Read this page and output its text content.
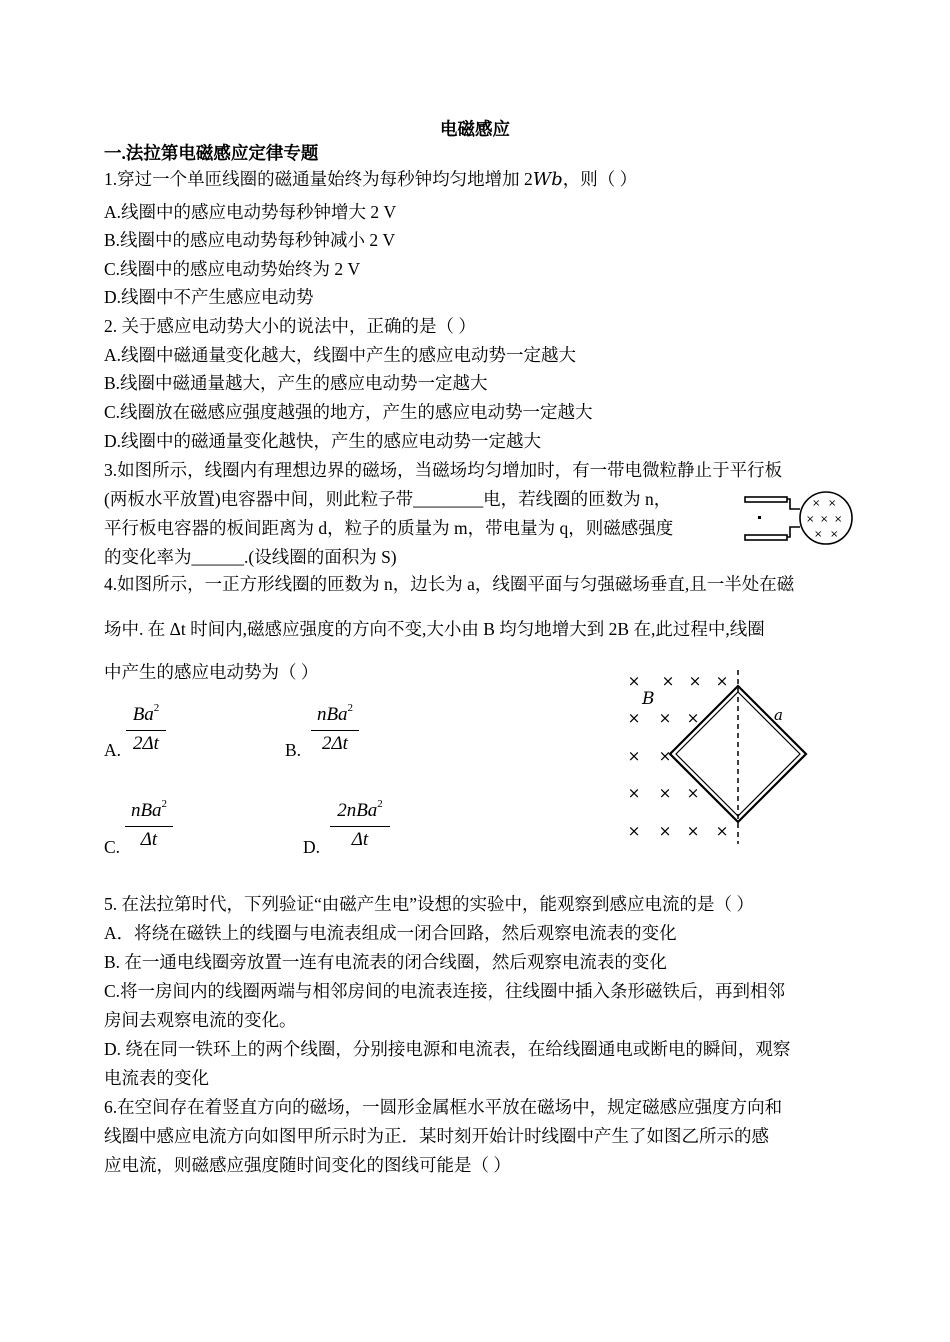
电磁感应
一.法拉第电磁感应定律专题
1.穿过一个单匝线圈的磁通量始终为每秒钟均匀地增加 2Wb，则（ ）
A.线圈中的感应电动势每秒钟增大 2 V
B.线圈中的感应电动势每秒钟减小 2 V
C.线圈中的感应电动势始终为 2 V
D.线圈中不产生感应电动势
2. 关于感应电动势大小的说法中，正确的是（ ）
A.线圈中磁通量变化越大，线圈中产生的感应电动势一定越大
B.线圈中磁通量越大，产生的感应电动势一定越大
C.线圈放在磁感应强度越强的地方，产生的感应电动势一定越大
D.线圈中的磁通量变化越快，产生的感应电动势一定越大
3.如图所示，线圈内有理想边界的磁场，当磁场均匀增加时，有一带电微粒静止于平行板
(两板水平放置)电容器中间，则此粒子带________电，若线圈的匝数为 n，
平行板电容器的板间距离为 d，粒子的质量为 m，带电量为 q，则磁感强度
的变化率为______.(设线圈的面积为 S)
× ×
× × ×
× ×
4.如图所示，一正方形线圈的匝数为 n，边长为 a，线圈平面与匀强磁场垂直,且一半处在磁
场中. 在 Δt 时间内,磁感应强度的方向不变,大小由 B 均匀地增大到 2B 在,此过程中,线圈
中产生的感应电动势为（ ）
A.
Ba$^2$
2Δt	B.
nBa$^2$
2Δt
C.
nBa$^2$
Δt	D.
2nBa$^2$
Δt
× × × ×
× × ×
× ×
× × ×
× × × ×
B
a
5. 在法拉第时代，下列验证“由磁产生电”设想的实验中，能观察到感应电流的是（ ）
A．将绕在磁铁上的线圈与电流表组成一闭合回路，然后观察电流表的变化
B. 在一通电线圈旁放置一连有电流表的闭合线圈，然后观察电流表的变化
C.将一房间内的线圈两端与相邻房间的电流表连接，往线圈中插入条形磁铁后，再到相邻
房间去观察电流的变化。
D. 绕在同一铁环上的两个线圈，分别接电源和电流表，在给线圈通电或断电的瞬间，观察
电流表的变化
6.在空间存在着竖直方向的磁场，一圆形金属框水平放在磁场中，规定磁感应强度方向和
线圈中感应电流方向如图甲所示时为正．某时刻开始计时线圈中产生了如图乙所示的感
应电流，则磁感应强度随时间变化的图线可能是（ ）
